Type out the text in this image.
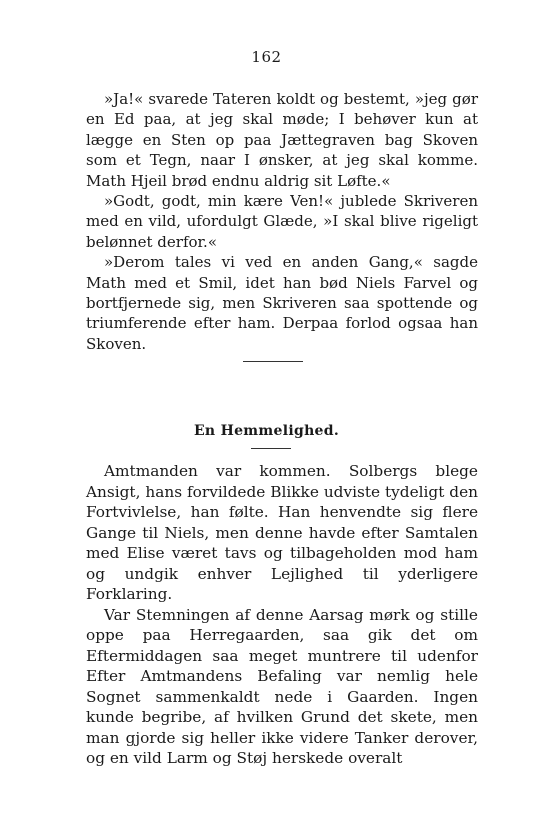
162

»Ja!« svarede Tateren koldt og bestemt, »jeg gør en Ed paa, at jeg skal møde; I behøver kun at lægge en Sten op paa Jættegraven bag Skoven som et Tegn, naar I ønsker, at jeg skal komme. Math Hjeil brød endnu aldrig sit Løfte.«

»Godt, godt, min kære Ven!« jublede Skriveren med en vild, ufordulgt Glæde, »I skal blive rigeligt belønnet derfor.«

»Derom tales vi ved en anden Gang,« sagde Math med et Smil, idet han bød Niels Farvel og bortfjernede sig, men Skriveren saa spottende og triumferende efter ham. Derpaa forlod ogsaa han Skoven.

En Hemmelighed.

Amtmanden var kommen. Solbergs blege Ansigt, hans forvildede Blikke udviste tydeligt den Fortvivlelse, han følte. Han henvendte sig flere Gange til Niels, men denne havde efter Samtalen med Elise været tavs og tilbageholden mod ham og undgik enhver Lejlighed til yderligere Forklaring.

Var Stemningen af denne Aarsag mørk og stille oppe paa Herregaarden, saa gik det om Eftermiddagen saa meget muntrere til udenfor Efter Amtmandens Befaling var nemlig hele Sognet sammenkaldt nede i Gaarden. Ingen kunde begribe, af hvilken Grund det skete, men man gjorde sig heller ikke videre Tanker derover, og en vild Larm og Støj herskede overalt
